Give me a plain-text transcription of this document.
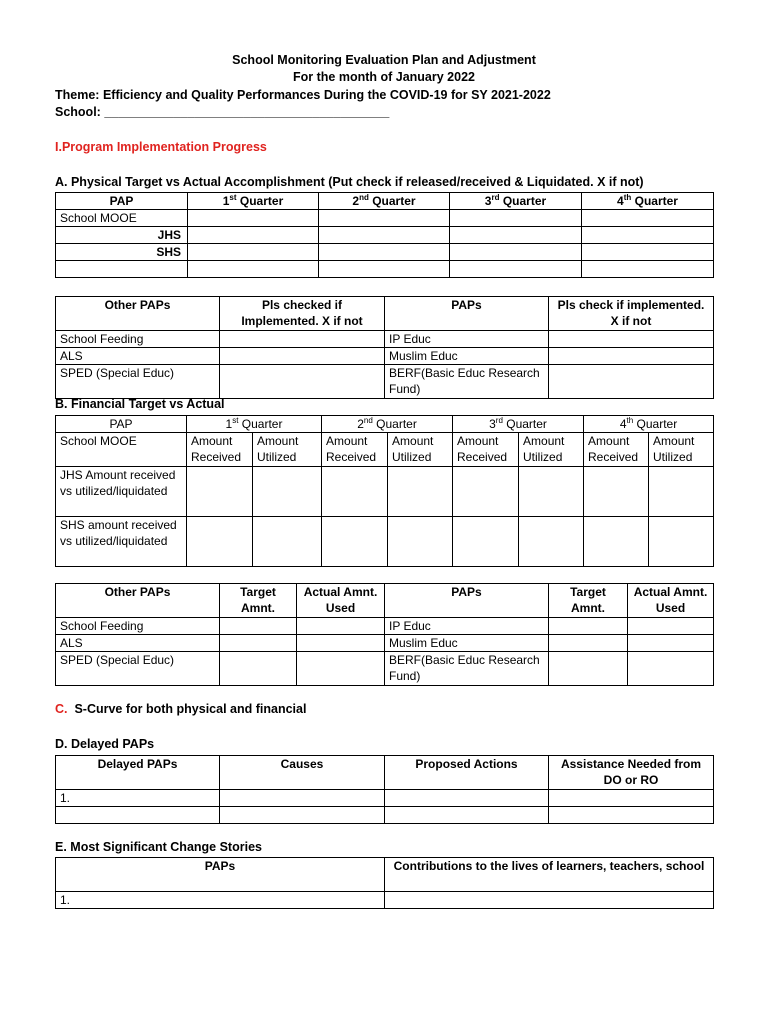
School Monitoring Evaluation Plan and Adjustment
For the month of January 2022
Theme: Efficiency and Quality Performances During the COVID-19 for SY 2021-2022
School: _________________________________________
I.Program Implementation Progress
A. Physical Target vs Actual Accomplishment (Put check if released/received & Liquidated. X if not)
PAP	1st Quarter	2nd Quarter	3rd Quarter	4th Quarter
School MOOE				
JHS				
SHS				

Other PAPs	Pls checked if Implemented. X if not	PAPs	Pls check if implemented. X if not
School Feeding		IP Educ	
ALS		Muslim Educ	
SPED (Special Educ)		BERF(Basic Educ Research Fund)	
B. Financial Target vs Actual
PAP	1st Quarter		2nd Quarter		3rd Quarter		4th Quarter	
School MOOE	Amount Received	Amount Utilized	Amount Received	Amount Utilized	Amount Received	Amount Utilized	Amount Received	Amount Utilized
JHS Amount received vs utilized/liquidated								
SHS amount received vs utilized/liquidated								
Other PAPs	Target Amnt.	Actual Amnt. Used	PAPs	Target Amnt.	Actual Amnt. Used
School Feeding			IP Educ		
ALS			Muslim Educ		
SPED (Special Educ)			BERF(Basic Educ Research Fund)		
C. S-Curve for both physical and financial
D. Delayed PAPs
Delayed PAPs	Causes	Proposed Actions	Assistance Needed from DO or RO
1.			

E. Most Significant Change Stories
PAPs	Contributions to the lives of learners, teachers, school
1.	
